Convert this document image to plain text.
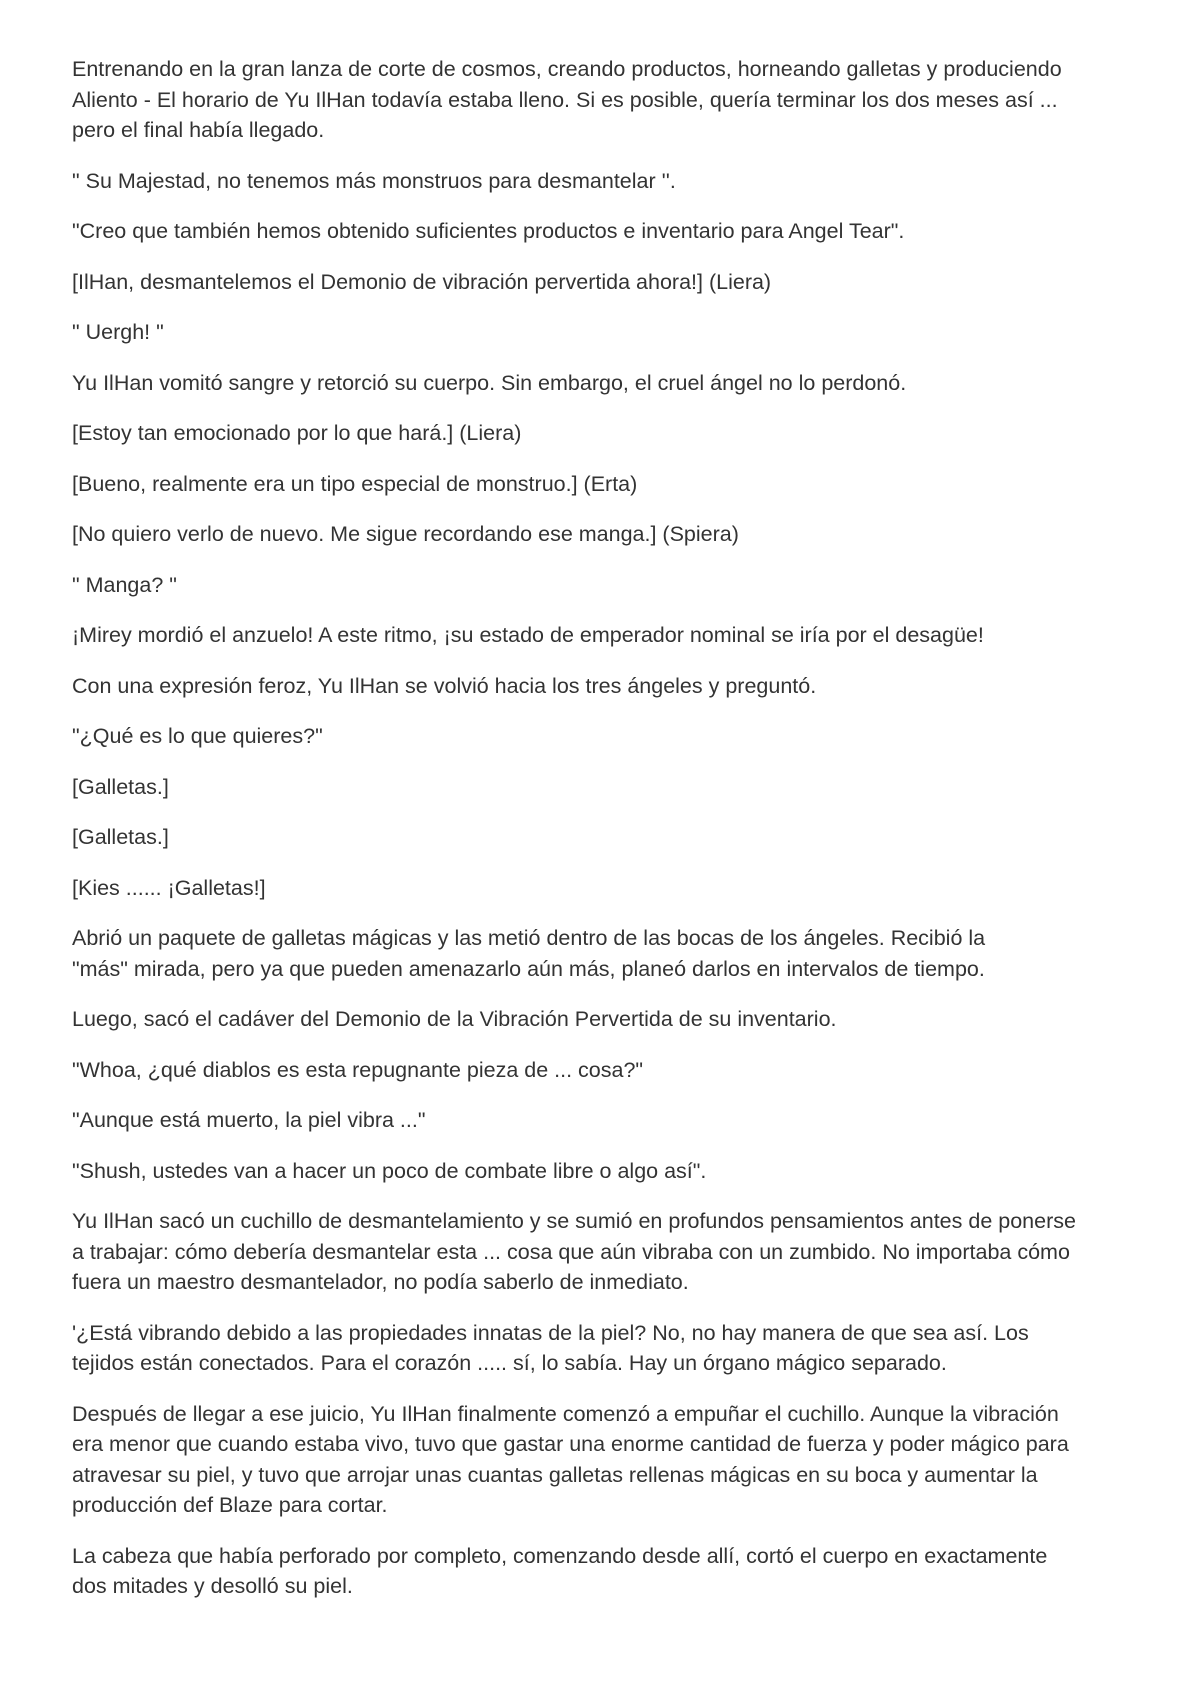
Entrenando en la gran lanza de corte de cosmos, creando productos, horneando galletas y produciendo
Aliento - El horario de Yu IlHan todavía estaba lleno. Si es posible, quería terminar los dos meses así ...
pero el final había llegado.

" Su Majestad, no tenemos más monstruos para desmantelar ''.

"Creo que también hemos obtenido suficientes productos e inventario para Angel Tear".

[IlHan, desmantelemos el Demonio de vibración pervertida ahora!] (Liera)

" Uergh! "

Yu IlHan vomitó sangre y retorció su cuerpo. Sin embargo, el cruel ángel no lo perdonó.

[Estoy tan emocionado por lo que hará.] (Liera)

[Bueno, realmente era un tipo especial de monstruo.] (Erta)

[No quiero verlo de nuevo. Me sigue recordando ese manga.] (Spiera)

" Manga? "

¡Mirey mordió el anzuelo! A este ritmo, ¡su estado de emperador nominal se iría por el desagüe!

Con una expresión feroz, Yu IlHan se volvió hacia los tres ángeles y preguntó.

"¿Qué es lo que quieres?"

[Galletas.]

[Galletas.]

[Kies ...... ¡Galletas!]

Abrió un paquete de galletas mágicas y las metió dentro de las bocas de los ángeles. Recibió la
"más" mirada, pero ya que pueden amenazarlo aún más, planeó darlos en intervalos de tiempo.

Luego, sacó el cadáver del Demonio de la Vibración Pervertida de su inventario.

"Whoa, ¿qué diablos es esta repugnante pieza de ... cosa?"

"Aunque está muerto, la piel vibra ..."

"Shush, ustedes van a hacer un poco de combate libre o algo así".

Yu IlHan sacó un cuchillo de desmantelamiento y se sumió en profundos pensamientos antes de ponerse
a trabajar: cómo debería desmantelar esta ... cosa que aún vibraba con un zumbido. No importaba cómo
fuera un maestro desmantelador, no podía saberlo de inmediato.

'¿Está vibrando debido a las propiedades innatas de la piel? No, no hay manera de que sea así. Los
tejidos están conectados. Para el corazón ..... sí, lo sabía. Hay un órgano mágico separado.

Después de llegar a ese juicio, Yu IlHan finalmente comenzó a empuñar el cuchillo. Aunque la vibración
era menor que cuando estaba vivo, tuvo que gastar una enorme cantidad de fuerza y poder mágico para
atravesar su piel, y tuvo que arrojar unas cuantas galletas rellenas mágicas en su boca y aumentar la
producción def Blaze para cortar.

La cabeza que había perforado por completo, comenzando desde allí, cortó el cuerpo en exactamente
dos mitades y desolló su piel.
